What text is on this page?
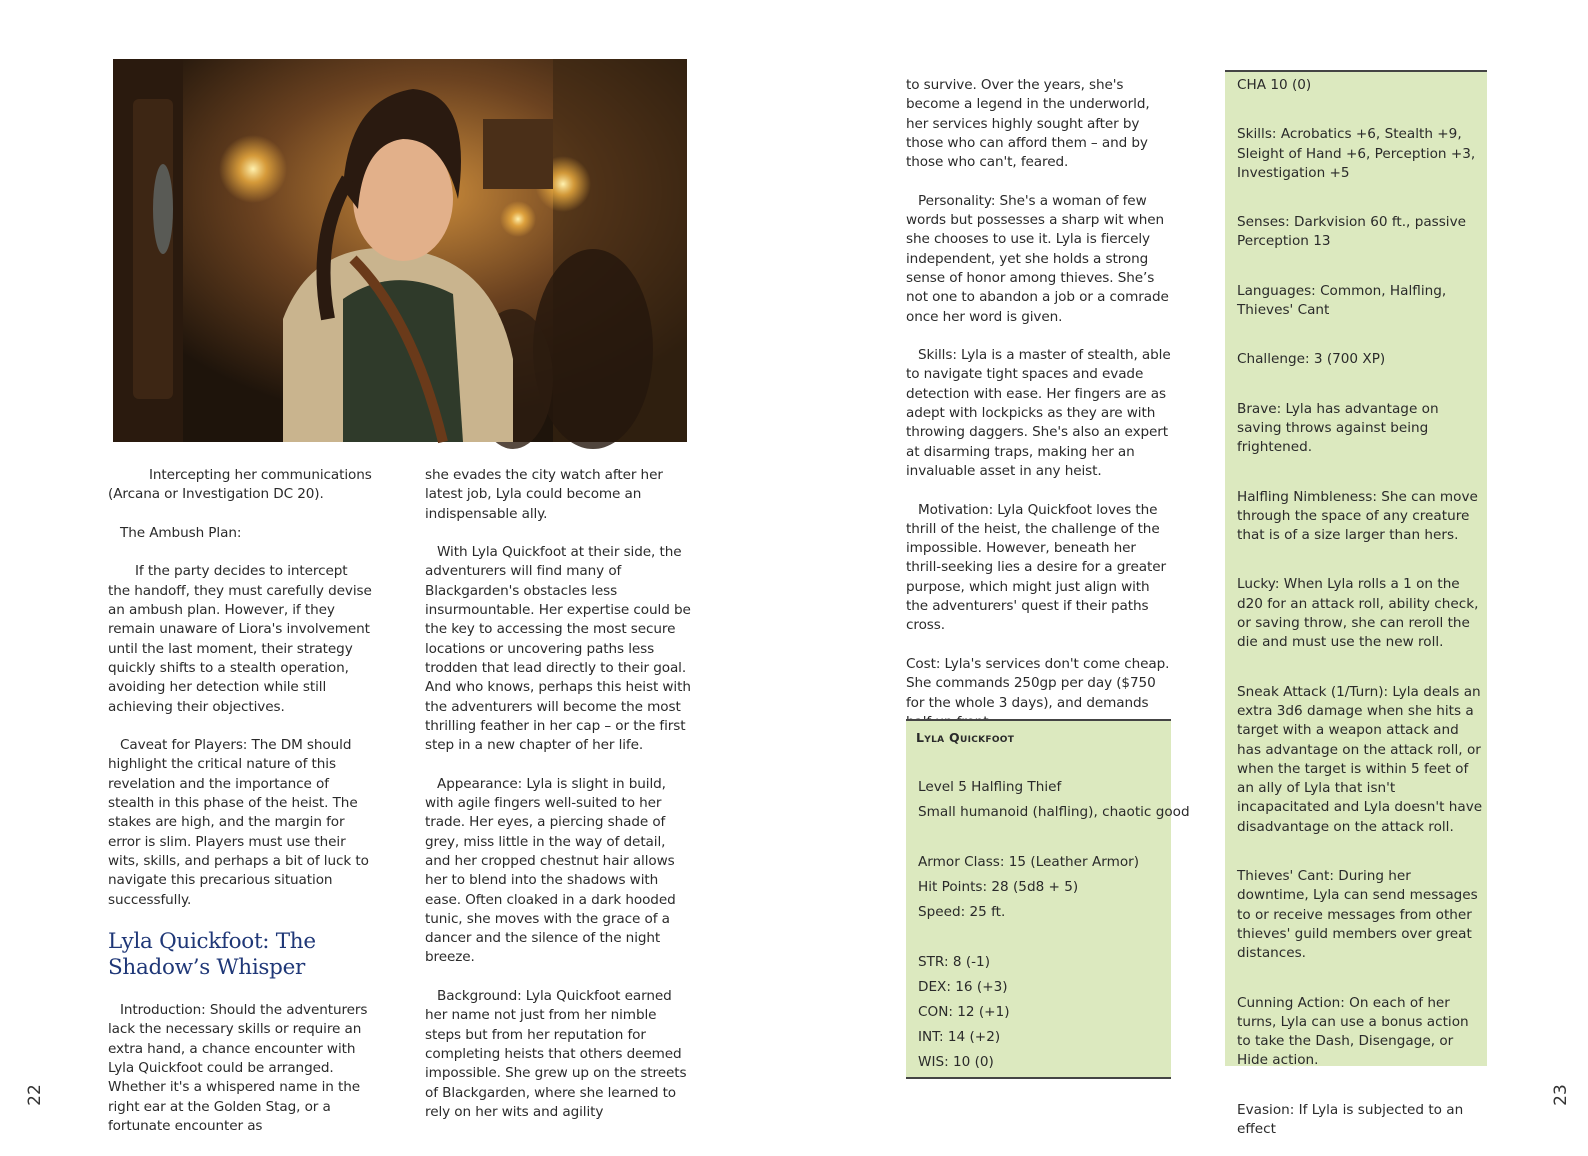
22	23

Intercepting her communications (Arcana or Investigation DC 20).

The Ambush Plan:

If the party decides to intercept the handoff, they must carefully devise an ambush plan. However, if they remain unaware of Liora's involvement until the last moment, their strategy quickly shifts to a stealth operation, avoiding her detection while still achieving their objectives.

Caveat for Players: The DM should highlight the critical nature of this revelation and the importance of stealth in this phase of the heist. The stakes are high, and the margin for error is slim. Players must use their wits, skills, and perhaps a bit of luck to navigate this precarious situation successfully.

Lyla Quickfoot: The Shadow’s Whisper

Introduction: Should the adventurers lack the necessary skills or require an extra hand, a chance encounter with Lyla Quickfoot could be arranged. Whether it's a whispered name in the right ear at the Golden Stag, or a fortunate encounter as

she evades the city watch after her latest job, Lyla could become an indispensable ally.

With Lyla Quickfoot at their side, the adventurers will find many of Blackgarden's obstacles less insurmountable. Her expertise could be the key to accessing the most secure locations or uncovering paths less trodden that lead directly to their goal. And who knows, perhaps this heist with the adventurers will become the most thrilling feather in her cap – or the first step in a new chapter of her life.

Appearance: Lyla is slight in build, with agile fingers well-suited to her trade. Her eyes, a piercing shade of grey, miss little in the way of detail, and her cropped chestnut hair allows her to blend into the shadows with ease. Often cloaked in a dark hooded tunic, she moves with the grace of a dancer and the silence of the night breeze.

Background: Lyla Quickfoot earned her name not just from her nimble steps but from her reputation for completing heists that others deemed impossible. She grew up on the streets of Blackgarden, where she learned to rely on her wits and agility

to survive. Over the years, she's become a legend in the underworld, her services highly sought after by those who can afford them – and by those who can't, feared.

Personality: She's a woman of few words but possesses a sharp wit when she chooses to use it. Lyla is fiercely independent, yet she holds a strong sense of honor among thieves. She’s not one to abandon a job or a comrade once her word is given.

Skills: Lyla is a master of stealth, able to navigate tight spaces and evade detection with ease. Her fingers are as adept with lockpicks as they are with throwing daggers. She's also an expert at disarming traps, making her an invaluable asset in any heist.

Motivation: Lyla Quickfoot loves the thrill of the heist, the challenge of the impossible. However, beneath her thrill-seeking lies a desire for a greater purpose, which might just align with the adventurers' quest if their paths cross.

Cost: Lyla's services don't come cheap. She commands 250gp per day ($750 for the whole 3 days), and demands

Lyla Quickfoot
Level 5 Halfling Thief
Small humanoid (halfling), chaotic good
Armor Class: 15 (Leather Armor)
Hit Points: 28 (5d8 + 5)
Speed: 25 ft.
STR: 8 (-1)
DEX: 16 (+3)
CON: 12 (+1)
INT: 14 (+2)
WIS: 10 (0)

CHA 10 (0)

Skills: Acrobatics +6, Stealth +9, Sleight of Hand +6, Perception +3, Investigation +5

Senses: Darkvision 60 ft., passive Perception 13

Languages: Common, Halfling, Thieves' Cant

Challenge: 3 (700 XP)

Brave: Lyla has advantage on saving throws against being frightened.

Halfling Nimbleness: She can move through the space of any creature that is of a size larger than hers.

Lucky: When Lyla rolls a 1 on the d20 for an attack roll, ability check, or saving throw, she can reroll the die and must use the new roll.

Sneak Attack (1/Turn): Lyla deals an extra 3d6 damage when she hits a target with a weapon attack and has advantage on the attack roll, or when the target is within 5 feet of an ally of Lyla that isn't incapacitated and Lyla doesn't have disadvantage on the attack roll.

Thieves' Cant: During her downtime, Lyla can send messages to or receive messages from other thieves' guild members over great distances.

Cunning Action: On each of her turns, Lyla can use a bonus action to take the Dash, Disengage, or Hide action.

Evasion: If Lyla is subjected to an effect
